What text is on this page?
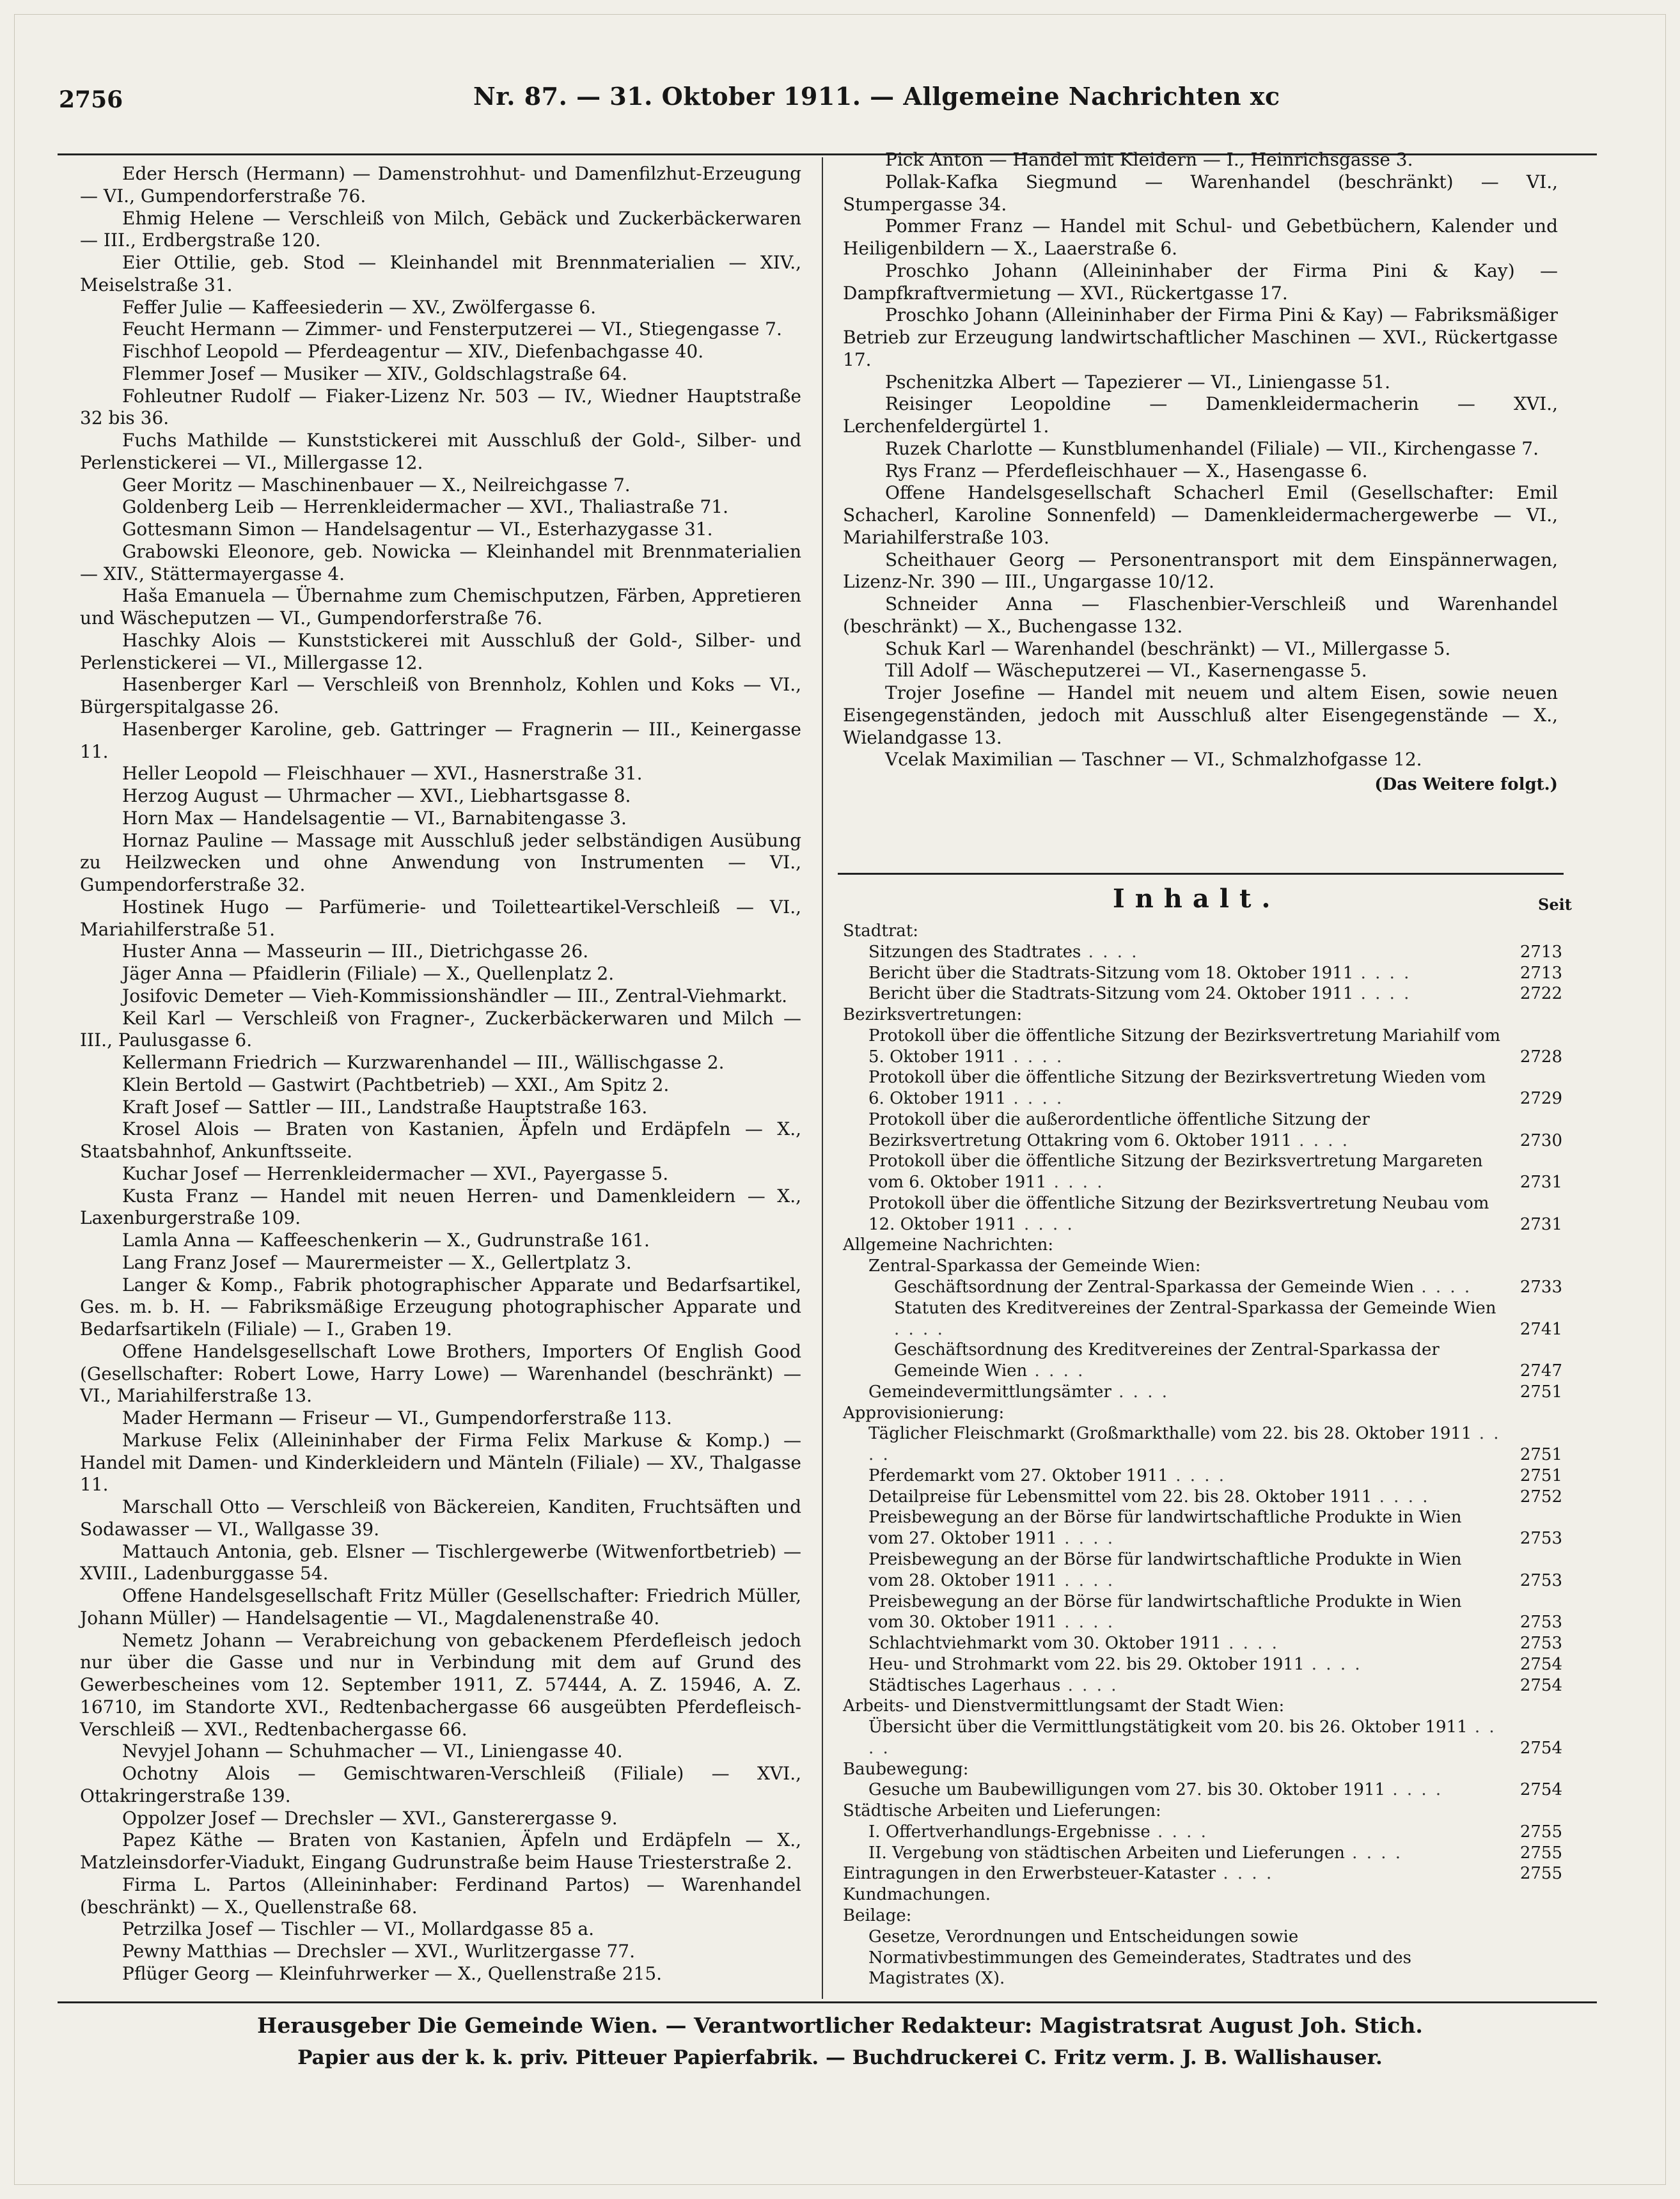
2756	Nr. 87. — 31. Oktober 1911. — Allgemeine Nachrichten xc

Eder Hersch (Hermann) — Damenstrohhut- und Damenfilzhut-Erzeugung — VI., Gumpendorferstraße 76.

Ehmig Helene — Verschleiß von Milch, Gebäck und Zuckerbäckerwaren — III., Erdbergstraße 120.

Eier Ottilie, geb. Stod — Kleinhandel mit Brennmaterialien — XIV., Meiselstraße 31.

Feffer Julie — Kaffeesiederin — XV., Zwölfergasse 6.

Feucht Hermann — Zimmer- und Fensterputzerei — VI., Stiegengasse 7.

Fischhof Leopold — Pferdeagentur — XIV., Diefenbachgasse 40.

Flemmer Josef — Musiker — XIV., Goldschlagstraße 64.

Fohleutner Rudolf — Fiaker-Lizenz Nr. 503 — IV., Wiedner Hauptstraße 32 bis 36.

Fuchs Mathilde — Kunststickerei mit Ausschluß der Gold-, Silber- und Perlenstickerei — VI., Millergasse 12.

Geer Moritz — Maschinenbauer — X., Neilreichgasse 7.

Goldenberg Leib — Herrenkleidermacher — XVI., Thaliastraße 71.

Gottesmann Simon — Handelsagentur — VI., Esterhazygasse 31.

Grabowski Eleonore, geb. Nowicka — Kleinhandel mit Brennmaterialien — XIV., Stättermayergasse 4.

Haša Emanuela — Übernahme zum Chemischputzen, Färben, Appretieren und Wäscheputzen — VI., Gumpendorferstraße 76.

Haschky Alois — Kunststickerei mit Ausschluß der Gold-, Silber- und Perlenstickerei — VI., Millergasse 12.

Hasenberger Karl — Verschleiß von Brennholz, Kohlen und Koks — VI., Bürgerspitalgasse 26.

Hasenberger Karoline, geb. Gattringer — Fragnerin — III., Keinergasse 11.

Heller Leopold — Fleischhauer — XVI., Hasnerstraße 31.

Herzog August — Uhrmacher — XVI., Liebhartsgasse 8.

Horn Max — Handelsagentie — VI., Barnabitengasse 3.

Hornaz Pauline — Massage mit Ausschluß jeder selbständigen Ausübung zu Heilzwecken und ohne Anwendung von Instrumenten — VI., Gumpendorferstraße 32.

Hostinek Hugo — Parfümerie- und Toiletteartikel-Verschleiß — VI., Mariahilferstraße 51.

Huster Anna — Masseurin — III., Dietrichgasse 26.

Jäger Anna — Pfaidlerin (Filiale) — X., Quellenplatz 2.

Josifovic Demeter — Vieh-Kommissionshändler — III., Zentral-Viehmarkt.

Keil Karl — Verschleiß von Fragner-, Zuckerbäckerwaren und Milch — III., Paulusgasse 6.

Kellermann Friedrich — Kurzwarenhandel — III., Wällischgasse 2.

Klein Bertold — Gastwirt (Pachtbetrieb) — XXI., Am Spitz 2.

Kraft Josef — Sattler — III., Landstraße Hauptstraße 163.

Krosel Alois — Braten von Kastanien, Äpfeln und Erdäpfeln — X., Staatsbahnhof, Ankunftsseite.

Kuchar Josef — Herrenkleidermacher — XVI., Payergasse 5.

Kusta Franz — Handel mit neuen Herren- und Damenkleidern — X., Laxenburgerstraße 109.

Lamla Anna — Kaffeeschenkerin — X., Gudrunstraße 161.

Lang Franz Josef — Maurermeister — X., Gellertplatz 3.

Langer & Komp., Fabrik photographischer Apparate und Bedarfsartikel, Ges. m. b. H. — Fabriksmäßige Erzeugung photographischer Apparate und Bedarfsartikeln (Filiale) — I., Graben 19.

Offene Handelsgesellschaft Lowe Brothers, Importers Of English Good (Gesellschafter: Robert Lowe, Harry Lowe) — Warenhandel (beschränkt) — VI., Mariahilferstraße 13.

Mader Hermann — Friseur — VI., Gumpendorferstraße 113.

Markuse Felix (Alleininhaber der Firma Felix Markuse & Komp.) — Handel mit Damen- und Kinderkleidern und Mänteln (Filiale) — XV., Thalgasse 11.

Marschall Otto — Verschleiß von Bäckereien, Kanditen, Fruchtsäften und Sodawasser — VI., Wallgasse 39.

Mattauch Antonia, geb. Elsner — Tischlergewerbe (Witwenfortbetrieb) — XVIII., Ladenburggasse 54.

Offene Handelsgesellschaft Fritz Müller (Gesellschafter: Friedrich Müller, Johann Müller) — Handelsagentie — VI., Magdalenenstraße 40.

Nemetz Johann — Verabreichung von gebackenem Pferdefleisch jedoch nur über die Gasse und nur in Verbindung mit dem auf Grund des Gewerbescheines vom 12. September 1911, Z. 57444, A. Z. 15946, A. Z. 16710, im Standorte XVI., Redtenbachergasse 66 ausgeübten Pferdefleisch-Verschleiß — XVI., Redtenbachergasse 66.

Nevyjel Johann — Schuhmacher — VI., Liniengasse 40.

Ochotny Alois — Gemischtwaren-Verschleiß (Filiale) — XVI., Ottakringerstraße 139.

Oppolzer Josef — Drechsler — XVI., Gansterergasse 9.

Papez Käthe — Braten von Kastanien, Äpfeln und Erdäpfeln — X., Matzleinsdorfer-Viadukt, Eingang Gudrunstraße beim Hause Triesterstraße 2.

Firma L. Partos (Alleininhaber: Ferdinand Partos) — Warenhandel (beschränkt) — X., Quellenstraße 68.

Petrzilka Josef — Tischler — VI., Mollardgasse 85 a.

Pewny Matthias — Drechsler — XVI., Wurlitzergasse 77.

Pflüger Georg — Kleinfuhrwerker — X., Quellenstraße 215.

Pick Anton — Handel mit Kleidern — I., Heinrichsgasse 3.

Pollak-Kafka Siegmund — Warenhandel (beschränkt) — VI., Stumpergasse 34.

Pommer Franz — Handel mit Schul- und Gebetbüchern, Kalender und Heiligenbildern — X., Laaerstraße 6.

Proschko Johann (Alleininhaber der Firma Pini & Kay) — Dampfkraftvermietung — XVI., Rückertgasse 17.

Proschko Johann (Alleininhaber der Firma Pini & Kay) — Fabriksmäßiger Betrieb zur Erzeugung landwirtschaftlicher Maschinen — XVI., Rückertgasse 17.

Pschenitzka Albert — Tapezierer — VI., Liniengasse 51.

Reisinger Leopoldine — Damenkleidermacherin — XVI., Lerchenfeldergürtel 1.

Ruzek Charlotte — Kunstblumenhandel (Filiale) — VII., Kirchengasse 7.

Rys Franz — Pferdefleischhauer — X., Hasengasse 6.

Offene Handelsgesellschaft Schacherl Emil (Gesellschafter: Emil Schacherl, Karoline Sonnenfeld) — Damenkleidermachergewerbe — VI., Mariahilferstraße 103.

Scheithauer Georg — Personentransport mit dem Einspännerwagen, Lizenz-Nr. 390 — III., Ungargasse 10/12.

Schneider Anna — Flaschenbier-Verschleiß und Warenhandel (beschränkt) — X., Buchengasse 132.

Schuk Karl — Warenhandel (beschränkt) — VI., Millergasse 5.

Till Adolf — Wäscheputzerei — VI., Kasernengasse 5.

Trojer Josefine — Handel mit neuem und altem Eisen, sowie neuen Eisengegenständen, jedoch mit Ausschluß alter Eisengegenstände — X., Wielandgasse 13.

Vcelak Maximilian — Taschner — VI., Schmalzhofgasse 12.

(Das Weitere folgt.)

Inhalt.	Seit
Stadtrat:
Sitzungen des Stadtrates . . . .	2713
Bericht über die Stadtrats-Sitzung vom 18. Oktober 1911 . . . .	2713
Bericht über die Stadtrats-Sitzung vom 24. Oktober 1911 . . . .	2722
Bezirksvertretungen:
Protokoll über die öffentliche Sitzung der Bezirksvertretung Mariahilf vom 5. Oktober 1911 . . . .	2728
Protokoll über die öffentliche Sitzung der Bezirksvertretung Wieden vom 6. Oktober 1911 . . . .	2729
Protokoll über die außerordentliche öffentliche Sitzung der Bezirksvertretung Ottakring vom 6. Oktober 1911 . . . .	2730
Protokoll über die öffentliche Sitzung der Bezirksvertretung Margareten vom 6. Oktober 1911 . . . .	2731
Protokoll über die öffentliche Sitzung der Bezirksvertretung Neubau vom 12. Oktober 1911 . . . .	2731
Allgemeine Nachrichten:
Zentral-Sparkassa der Gemeinde Wien:
Geschäftsordnung der Zentral-Sparkassa der Gemeinde Wien . . . .	2733
Statuten des Kreditvereines der Zentral-Sparkassa der Gemeinde Wien . . . .	2741
Geschäftsordnung des Kreditvereines der Zentral-Sparkassa der Gemeinde Wien . . . .	2747
Gemeindevermittlungsämter . . . .	2751
Approvisionierung:
Täglicher Fleischmarkt (Großmarkthalle) vom 22. bis 28. Oktober 1911 . . . .	2751
Pferdemarkt vom 27. Oktober 1911 . . . .	2751
Detailpreise für Lebensmittel vom 22. bis 28. Oktober 1911 . . . .	2752
Preisbewegung an der Börse für landwirtschaftliche Produkte in Wien vom 27. Oktober 1911 . . . .	2753
Preisbewegung an der Börse für landwirtschaftliche Produkte in Wien vom 28. Oktober 1911 . . . .	2753
Preisbewegung an der Börse für landwirtschaftliche Produkte in Wien vom 30. Oktober 1911 . . . .	2753
Schlachtviehmarkt vom 30. Oktober 1911 . . . .	2753
Heu- und Strohmarkt vom 22. bis 29. Oktober 1911 . . . .	2754
Städtisches Lagerhaus . . . .	2754
Arbeits- und Dienstvermittlungsamt der Stadt Wien:
Übersicht über die Vermittlungstätigkeit vom 20. bis 26. Oktober 1911 . . . .	2754
Baubewegung:
Gesuche um Baubewilligungen vom 27. bis 30. Oktober 1911 . . . .	2754
Städtische Arbeiten und Lieferungen:
I. Offertverhandlungs-Ergebnisse . . . .	2755
II. Vergebung von städtischen Arbeiten und Lieferungen . . . .	2755
Eintragungen in den Erwerbsteuer-Kataster . . . .	2755
Kundmachungen.
Beilage:
Gesetze, Verordnungen und Entscheidungen sowie Normativbestimmungen des Gemeinderates, Stadtrates und des Magistrates (X).
Herausgeber Die Gemeinde Wien. — Verantwortlicher Redakteur: Magistratsrat August Joh. Stich.
Papier aus der k. k. priv. Pitteuer Papierfabrik. — Buchdruckerei C. Fritz verm. J. B. Wallishauser.
